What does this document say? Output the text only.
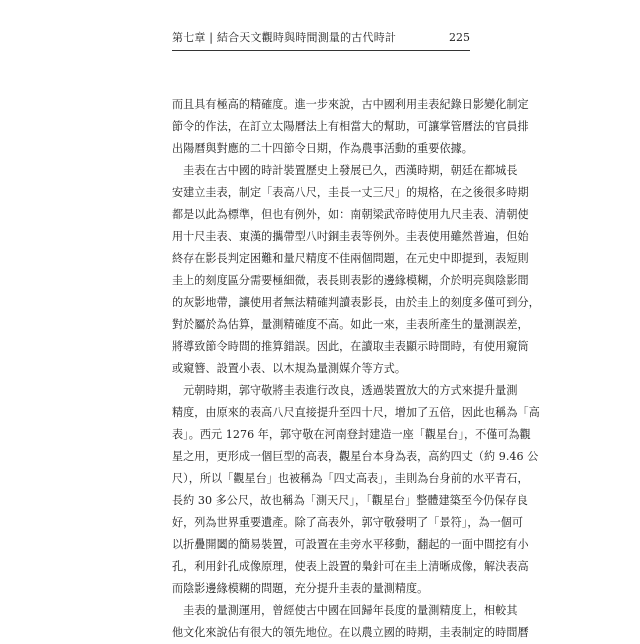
第七章 | 結合天文觀時與時間測量的古代時計	225
而且具有極高的精確度。進一步來說，古中國利用圭表紀錄日影變化制定
節令的作法，在訂立太陽曆法上有相當大的幫助，可讓掌管曆法的官員排
出陽曆與對應的二十四節令日期，作為農事活動的重要依據。
　圭表在古中國的時計裝置歷史上發展已久，西漢時期，朝廷在都城長
安建立圭表，制定「表高八尺，圭長一丈三尺」的規格，在之後很多時期
都是以此為標準，但也有例外，如：南朝梁武帝時使用九尺圭表、清朝使
用十尺圭表、東漢的攜帶型八吋銅圭表等例外。圭表使用雖然普遍，但始
終存在影長判定困難和量尺精度不佳兩個問題，在元史中即提到，表短則
圭上的刻度區分需要極細微，表長則表影的邊緣模糊，介於明亮與陰影間
的灰影地帶，讓使用者無法精確判讀表影長，由於圭上的刻度多僅可到分，
對於屬於為估算，量測精確度不高。如此一來，圭表所產生的量測誤差，
將導致節令時間的推算錯誤。因此，在讀取圭表顯示時間時，有使用窺筒
或窺簪、設置小表、以木規為量測媒介等方式。
　元朝時期，郭守敬將圭表進行改良，透過裝置放大的方式來提升量測
精度，由原來的表高八尺直接提升至四十尺，增加了五倍，因此也稱為「高
表」。西元 1276 年，郭守敬在河南登封建造一座「觀星台」，不僅可為觀
星之用，更形成一個巨型的高表，觀星台本身為表，高約四丈（約 9.46 公
尺），所以「觀星台」也被稱為「四丈高表」，圭則為台身前的水平青石，
長約 30 多公尺，故也稱為「測天尺」，「觀星台」整體建築至今仍保存良
好，列為世界重要遺產。除了高表外，郭守敬發明了「景符」，為一個可
以折疊開闔的簡易裝置，可設置在圭旁水平移動，翻起的一面中間挖有小
孔，利用針孔成像原理，使表上設置的梟針可在圭上清晰成像，解決表高
而陰影邊緣模糊的問題，充分提升圭表的量測精度。
　圭表的量測運用，曾經使古中國在回歸年長度的量測精度上，相較其
他文化來說佔有很大的領先地位。在以農立國的時期，圭表制定的時間曆
